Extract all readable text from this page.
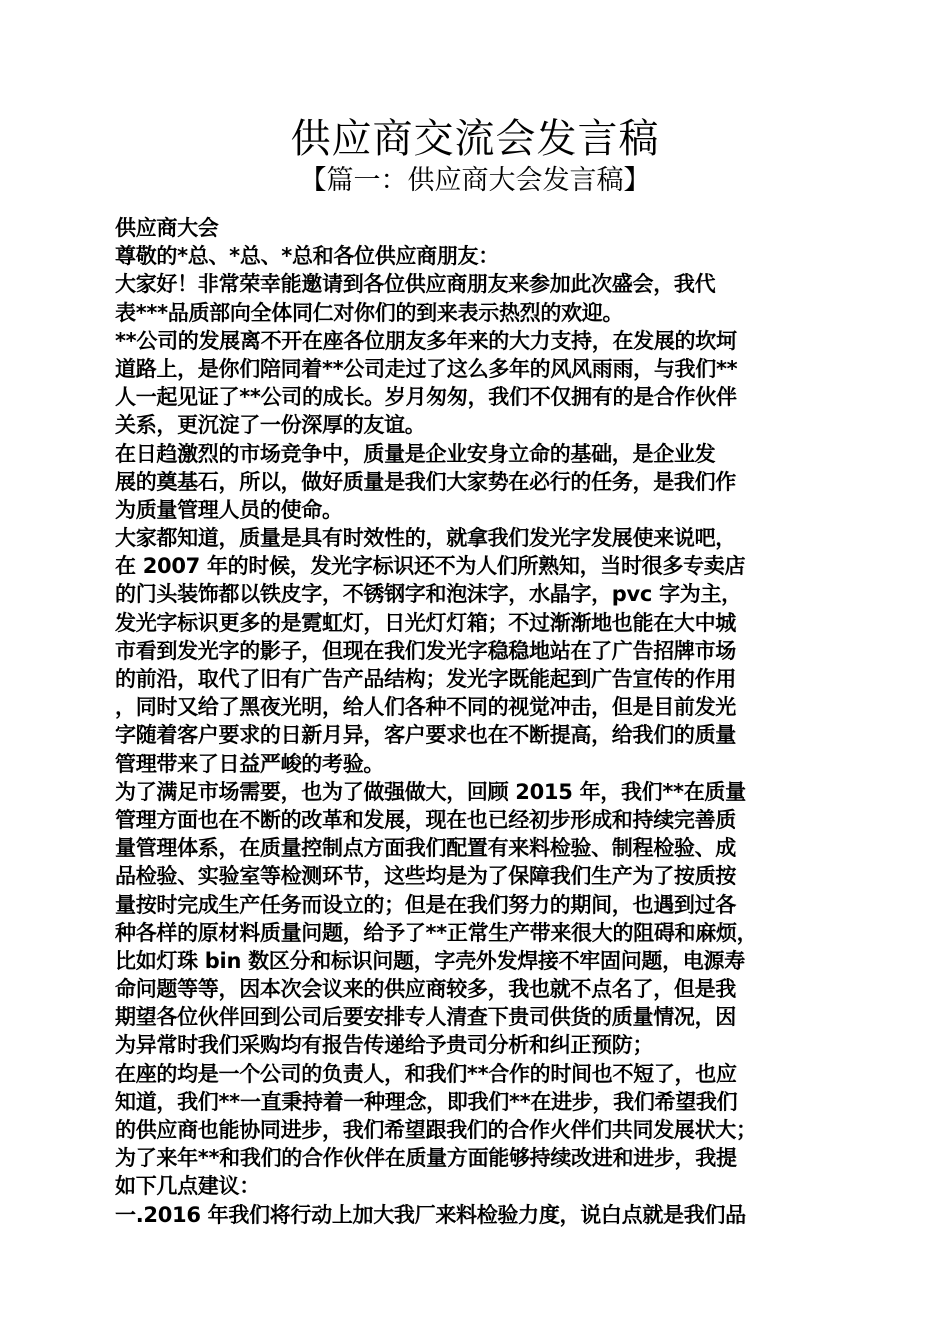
供应商交流会发言稿
【篇一：供应商大会发言稿】
供应商大会
尊敬的*总、*总、*总和各位供应商朋友：
大家好！非常荣幸能邀请到各位供应商朋友来参加此次盛会，我代
表***品质部向全体同仁对你们的到来表示热烈的欢迎。
**公司的发展离不开在座各位朋友多年来的大力支持，在发展的坎坷
道路上，是你们陪同着**公司走过了这么多年的风风雨雨，与我们**
人一起见证了**公司的成长。岁月匆匆，我们不仅拥有的是合作伙伴
关系，更沉淀了一份深厚的友谊。
在日趋激烈的市场竞争中，质量是企业安身立命的基础，是企业发
展的奠基石，所以，做好质量是我们大家势在必行的任务，是我们作
为质量管理人员的使命。
大家都知道，质量是具有时效性的，就拿我们发光字发展使来说吧，
在 2007 年的时候，发光字标识还不为人们所熟知，当时很多专卖店
的门头装饰都以铁皮字，不锈钢字和泡沫字，水晶字，pvc 字为主，
发光字标识更多的是霓虹灯，日光灯灯箱；不过渐渐地也能在大中城
市看到发光字的影子，但现在我们发光字稳稳地站在了广告招牌市场
的前沿，取代了旧有广告产品结构；发光字既能起到广告宣传的作用
，同时又给了黑夜光明，给人们各种不同的视觉冲击，但是目前发光
字随着客户要求的日新月异，客户要求也在不断提高，给我们的质量
管理带来了日益严峻的考验。
为了满足市场需要，也为了做强做大，回顾 2015 年，我们**在质量
管理方面也在不断的改革和发展，现在也已经初步形成和持续完善质
量管理体系，在质量控制点方面我们配置有来料检验、制程检验、成
品检验、实验室等检测环节，这些均是为了保障我们生产为了按质按
量按时完成生产任务而设立的；但是在我们努力的期间，也遇到过各
种各样的原材料质量问题，给予了**正常生产带来很大的阻碍和麻烦，
比如灯珠 bin 数区分和标识问题，字壳外发焊接不牢固问题，电源寿
命问题等等，因本次会议来的供应商较多，我也就不点名了，但是我
期望各位伙伴回到公司后要安排专人清查下贵司供货的质量情况，因
为异常时我们采购均有报告传递给予贵司分析和纠正预防；
在座的均是一个公司的负责人，和我们**合作的时间也不短了，也应
知道，我们**一直秉持着一种理念，即我们**在进步，我们希望我们
的供应商也能协同进步，我们希望跟我们的合作火伴们共同发展状大；
为了来年**和我们的合作伙伴在质量方面能够持续改进和进步，我提
如下几点建议：
一.2016 年我们将行动上加大我厂来料检验力度，说白点就是我们品
